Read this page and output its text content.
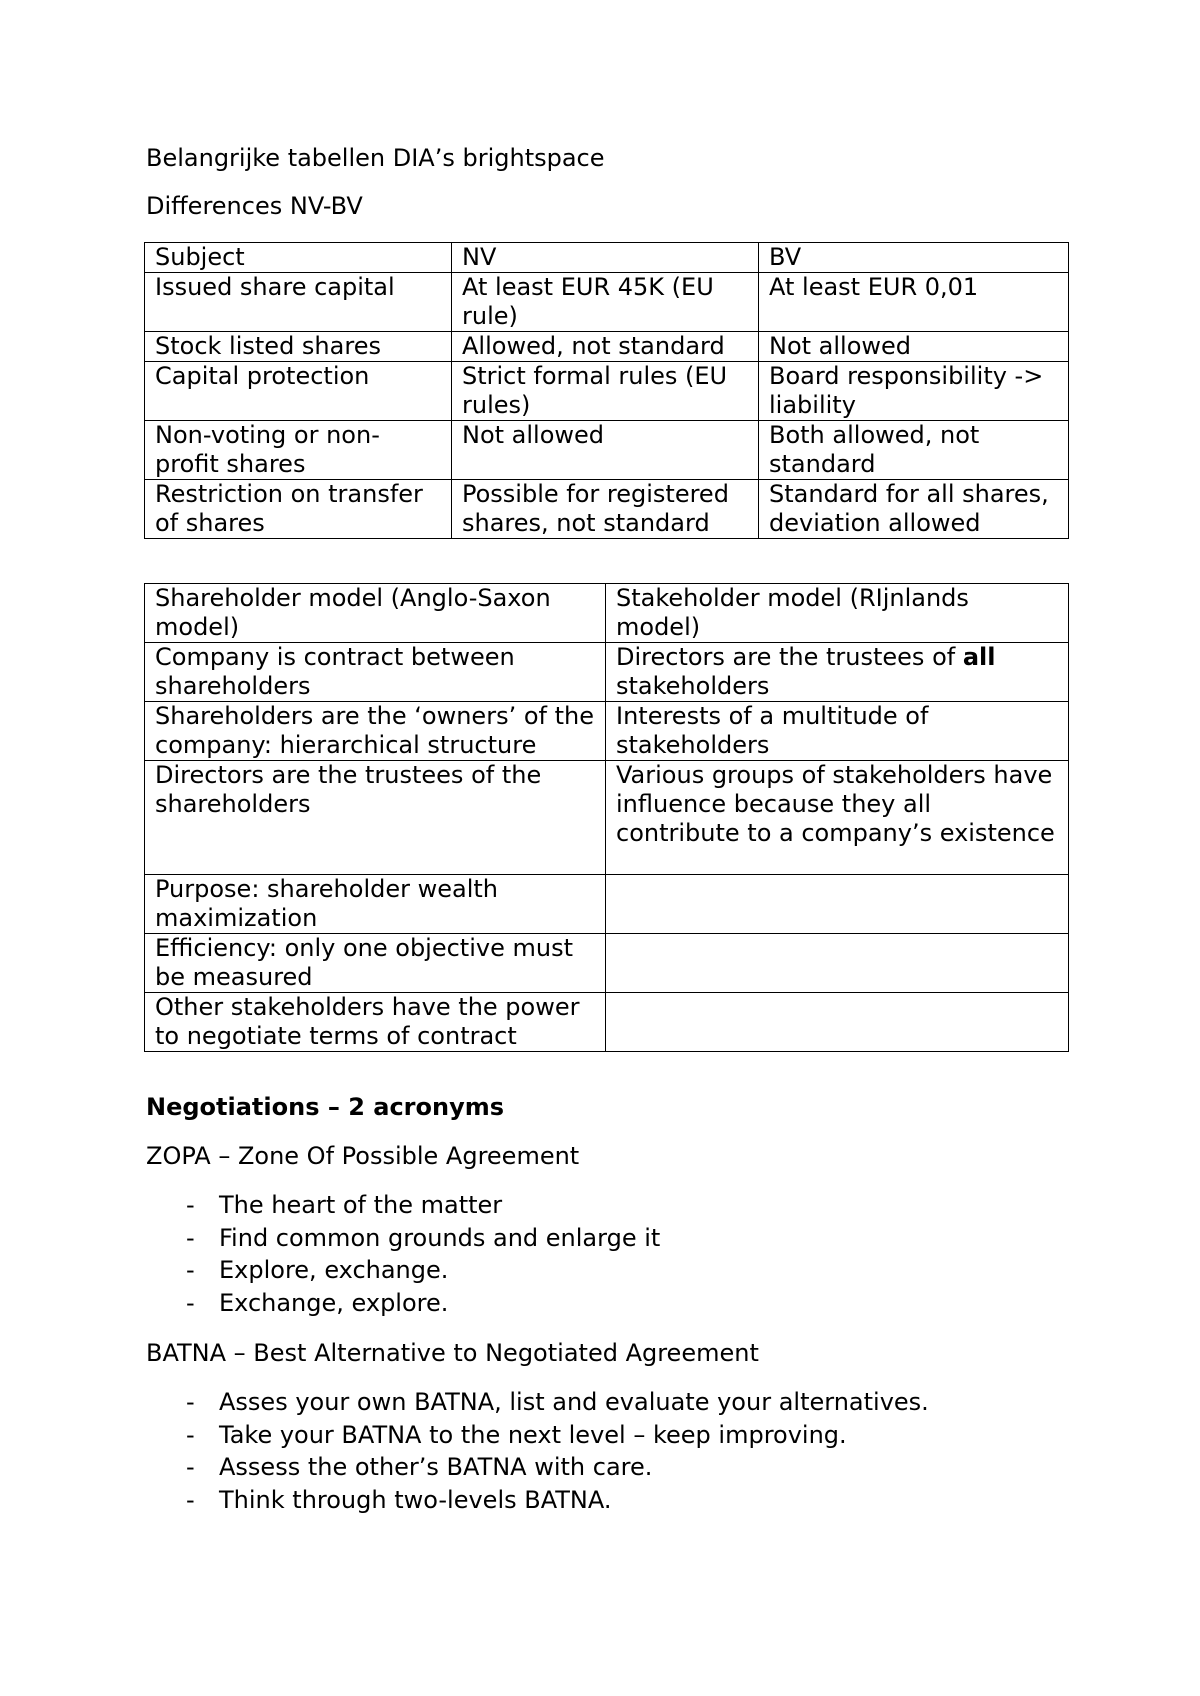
Belangrijke tabellen DIA’s brightspace

Differences NV-BV

Subject	NV	BV
Issued share capital	At least EUR 45K (EU rule)	At least EUR 0,01
Stock listed shares	Allowed, not standard	Not allowed
Capital protection	Strict formal rules (EU rules)	Board responsibility -> liability
Non-voting or non-profit shares	Not allowed	Both allowed, not standard
Restriction on transfer of shares	Possible for registered shares, not standard	Standard for all shares, deviation allowed
Shareholder model (Anglo-Saxon model)	Stakeholder model (RIjnlands model)
Company is contract between shareholders	Directors are the trustees of all stakeholders
Shareholders are the ‘owners’ of the company: hierarchical structure	Interests of a multitude of stakeholders
Directors are the trustees of the shareholders	Various groups of stakeholders have influence because they all contribute to a company’s existence
Purpose: shareholder wealth maximization	
Efficiency: only one objective must be measured	
Other stakeholders have the power to negotiate terms of contract	

Negotiations – 2 acronyms

ZOPA – Zone Of Possible Agreement

- The heart of the matter
- Find common grounds and enlarge it
- Explore, exchange.
- Exchange, explore.

BATNA – Best Alternative to Negotiated Agreement

- Asses your own BATNA, list and evaluate your alternatives.
- Take your BATNA to the next level – keep improving.
- Assess the other’s BATNA with care.
- Think through two-levels BATNA.
